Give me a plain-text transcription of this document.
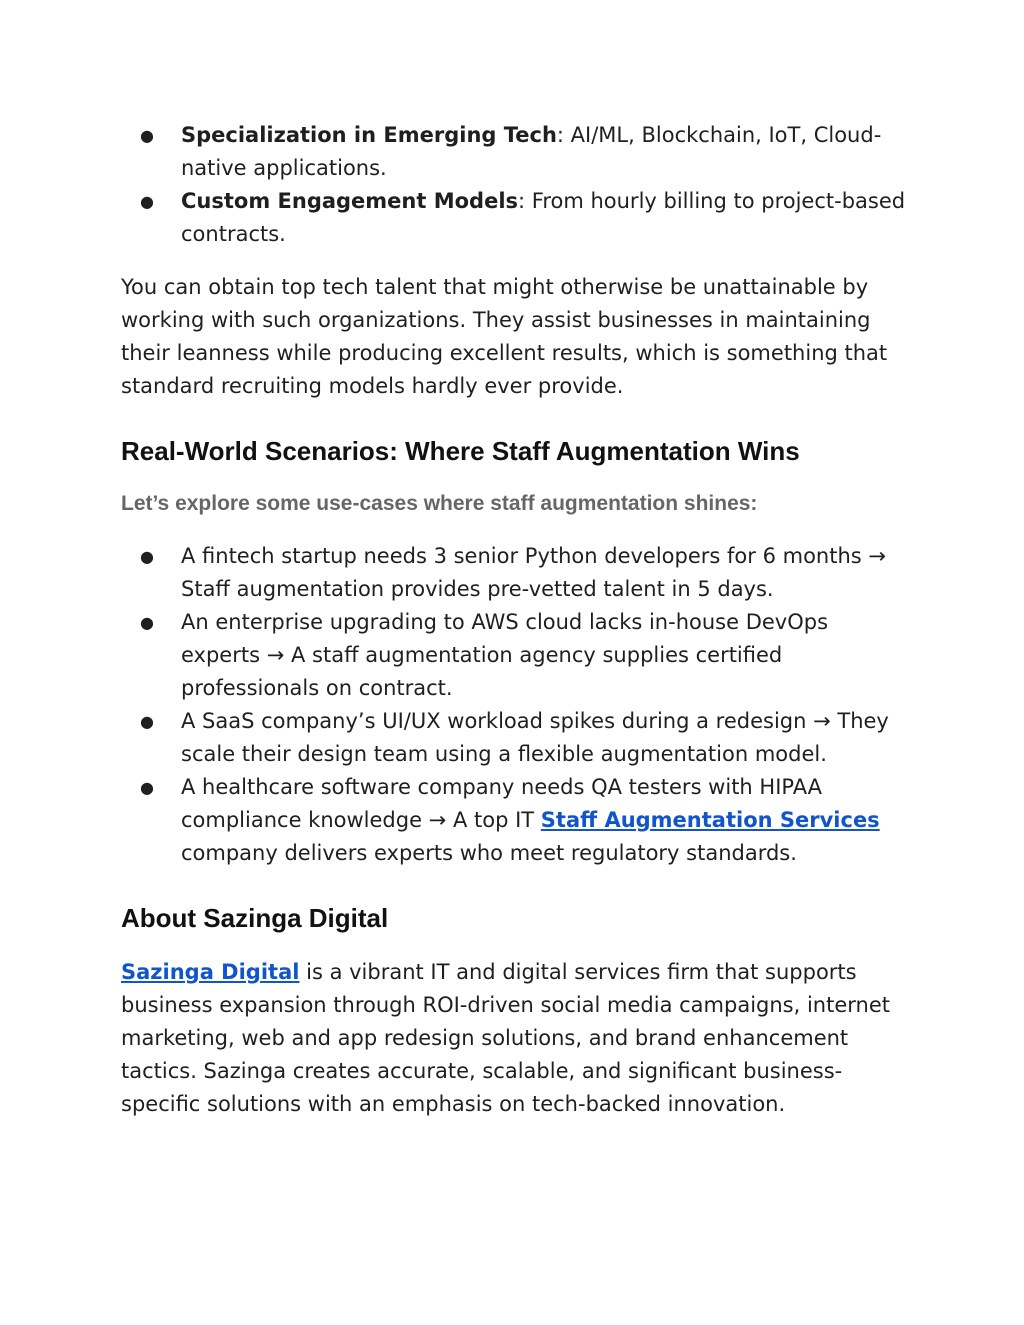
● Specialization in Emerging Tech: AI/ML, Blockchain, IoT, Cloud-native applications.
● Custom Engagement Models: From hourly billing to project-based contracts.

You can obtain top tech talent that might otherwise be unattainable by working with such organizations. They assist businesses in maintaining their leanness while producing excellent results, which is something that standard recruiting models hardly ever provide.

Real-World Scenarios: Where Staff Augmentation Wins
Let’s explore some use-cases where staff augmentation shines:
● A fintech startup needs 3 senior Python developers for 6 months → Staff augmentation provides pre-vetted talent in 5 days.
● An enterprise upgrading to AWS cloud lacks in-house DevOps experts → A staff augmentation agency supplies certified professionals on contract.
● A SaaS company’s UI/UX workload spikes during a redesign → They scale their design team using a flexible augmentation model.
● A healthcare software company needs QA testers with HIPAA compliance knowledge → A top IT Staff Augmentation Services company delivers experts who meet regulatory standards.
About Sazinga Digital

Sazinga Digital is a vibrant IT and digital services firm that supports business expansion through ROI-driven social media campaigns, internet marketing, web and app redesign solutions, and brand enhancement tactics. Sazinga creates accurate, scalable, and significant business-specific solutions with an emphasis on tech-backed innovation.
